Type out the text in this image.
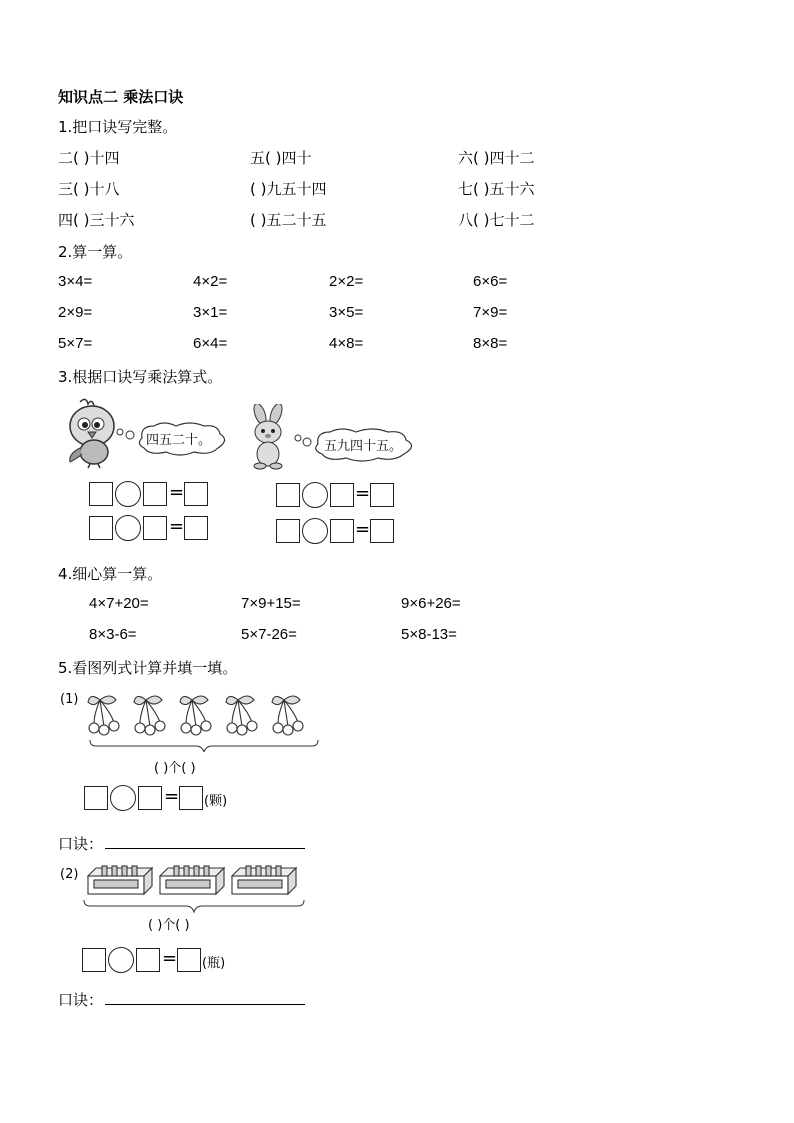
知识点二 乘法口诀
1.把口诀写完整。
二( )十四	五( )四十	六( )四十二
三( )十八	( )九五十四	七( )五十六
四( )三十六	( )五二十五	八( )七十二
2.算一算。
3×4=	4×2=	2×2=	6×6=
2×9=	3×1=	3×5=	7×9=
5×7=	6×4=	4×8=	8×8=
3.根据口诀写乘法算式。
四五二十。	五九四十五。
=
=
=
=
4.细心算一算。
4×7+20=	7×9+15=	9×6+26=
8×3-6=	5×7-26=	5×8-13=
5.看图列式计算并填一填。
(1)
( )个( )
= (颗)
口诀：
(2)
( )个( )
= (瓶)
口诀：
